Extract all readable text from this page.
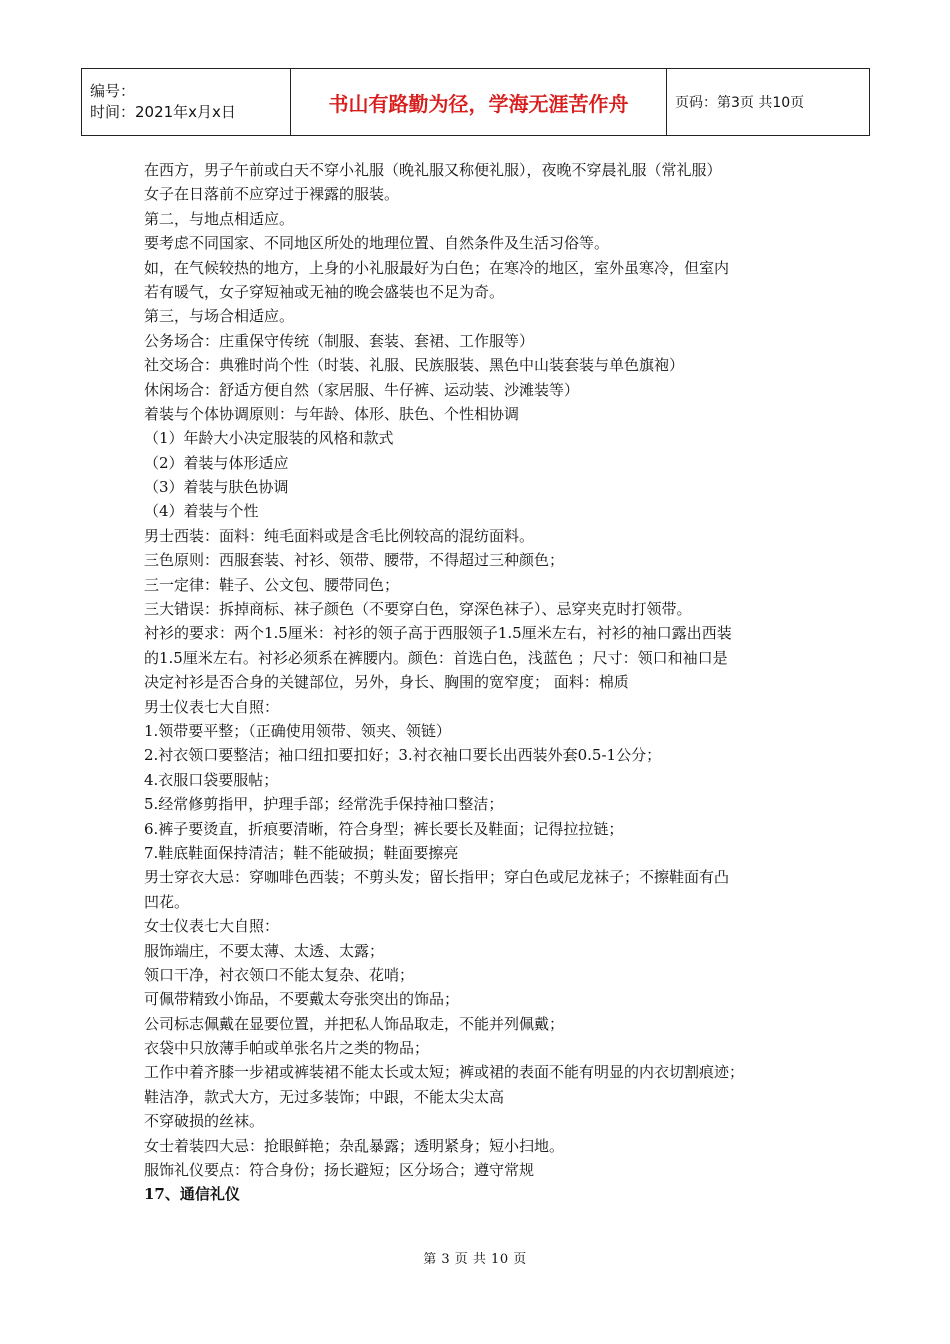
编号：
时间：2021年x月x日	书山有路勤为径，学海无涯苦作舟	页码：第3页 共10页
在西方，男子午前或白天不穿小礼服（晚礼服又称便礼服），夜晚不穿晨礼服（常礼服）
女子在日落前不应穿过于裸露的服装。
第二，与地点相适应。
要考虑不同国家、不同地区所处的地理位置、自然条件及生活习俗等。
如，在气候较热的地方，上身的小礼服最好为白色；在寒冷的地区，室外虽寒冷，但室内
若有暖气，女子穿短袖或无袖的晚会盛装也不足为奇。
第三，与场合相适应。
公务场合：庄重保守传统（制服、套装、套裙、工作服等）
社交场合：典雅时尚个性（时装、礼服、民族服装、黑色中山装套装与单色旗袍）
休闲场合：舒适方便自然（家居服、牛仔裤、运动装、沙滩装等）
着装与个体协调原则：与年龄、体形、肤色、个性相协调
（1）年龄大小决定服装的风格和款式
（2）着装与体形适应
（3）着装与肤色协调
（4）着装与个性
男士西装：面料：纯毛面料或是含毛比例较高的混纺面料。
三色原则：西服套装、衬衫、领带、腰带，不得超过三种颜色；
三一定律：鞋子、公文包、腰带同色；
三大错误：拆掉商标、袜子颜色（不要穿白色，穿深色袜子）、忌穿夹克时打领带。
衬衫的要求：两个1.5厘米：衬衫的领子高于西服领子1.5厘米左右，衬衫的袖口露出西装
的1.5厘米左右。衬衫必须系在裤腰内。颜色：首选白色，浅蓝色 ；尺寸：领口和袖口是
决定衬衫是否合身的关键部位，另外，身长、胸围的宽窄度； 面料：棉质
男士仪表七大自照：
1.领带要平整；（正确使用领带、领夹、领链）
2.衬衣领口要整洁；袖口纽扣要扣好；3.衬衣袖口要长出西装外套0.5-1公分；
4.衣服口袋要服帖；
5.经常修剪指甲，护理手部；经常洗手保持袖口整洁；
6.裤子要烫直，折痕要清晰，符合身型；裤长要长及鞋面；记得拉拉链；
7.鞋底鞋面保持清洁；鞋不能破损；鞋面要擦亮
男士穿衣大忌：穿咖啡色西装；不剪头发；留长指甲；穿白色或尼龙袜子；不擦鞋面有凸
凹花。
女士仪表七大自照：
服饰端庄，不要太薄、太透、太露；
领口干净，衬衣领口不能太复杂、花哨；
可佩带精致小饰品，不要戴太夸张突出的饰品；
公司标志佩戴在显要位置，并把私人饰品取走，不能并列佩戴；
衣袋中只放薄手帕或单张名片之类的物品；
工作中着齐膝一步裙或裤装裙不能太长或太短；裤或裙的表面不能有明显的内衣切割痕迹；
鞋洁净，款式大方，无过多装饰；中跟，不能太尖太高
不穿破损的丝袜。
女士着装四大忌：抢眼鲜艳；杂乱暴露；透明紧身；短小扫地。
服饰礼仪要点：符合身份；扬长避短；区分场合；遵守常规
17、通信礼仪
第 3 页 共 10 页
